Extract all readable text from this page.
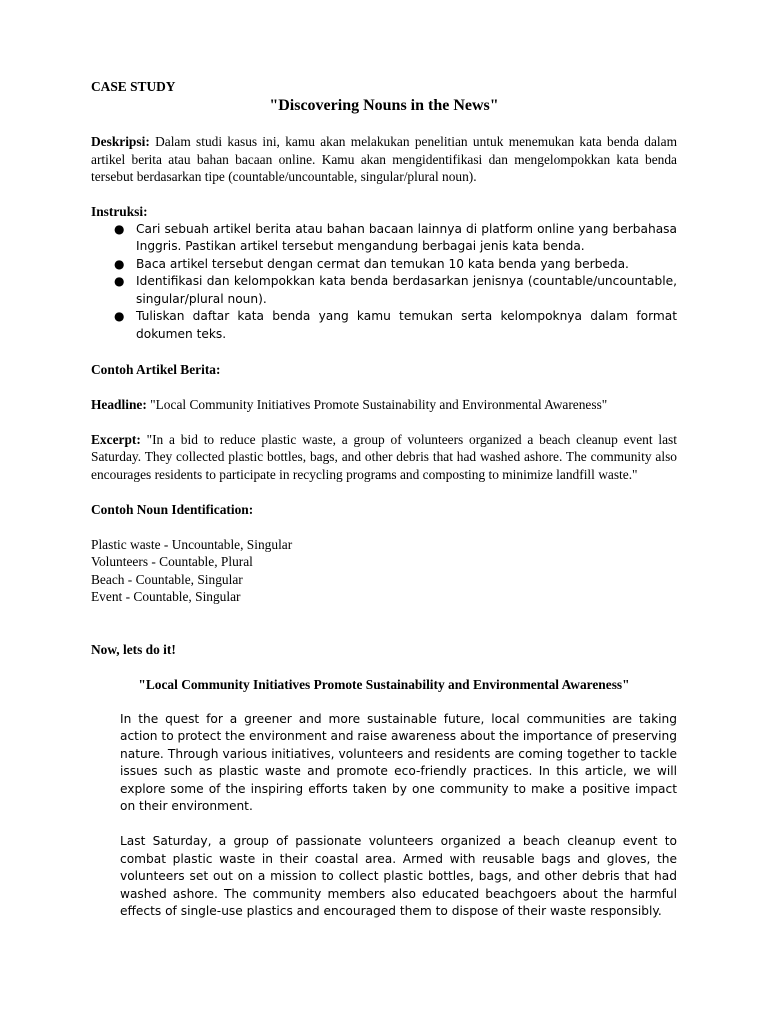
CASE STUDY

"Discovering Nouns in the News"

Deskripsi: Dalam studi kasus ini, kamu akan melakukan penelitian untuk menemukan kata benda dalam artikel berita atau bahan bacaan online. Kamu akan mengidentifikasi dan mengelompokkan kata benda tersebut berdasarkan tipe (countable/uncountable, singular/plural noun).

Instruksi:

● Cari sebuah artikel berita atau bahan bacaan lainnya di platform online yang berbahasa Inggris. Pastikan artikel tersebut mengandung berbagai jenis kata benda.
● Baca artikel tersebut dengan cermat dan temukan 10 kata benda yang berbeda.
● Identifikasi dan kelompokkan kata benda berdasarkan jenisnya (countable/uncountable, singular/plural noun).
● Tuliskan daftar kata benda yang kamu temukan serta kelompoknya dalam format dokumen teks.

Contoh Artikel Berita:

Headline: "Local Community Initiatives Promote Sustainability and Environmental Awareness"

Excerpt: "In a bid to reduce plastic waste, a group of volunteers organized a beach cleanup event last Saturday. They collected plastic bottles, bags, and other debris that had washed ashore. The community also encourages residents to participate in recycling programs and composting to minimize landfill waste."

Contoh Noun Identification:

Plastic waste - Uncountable, Singular

Volunteers - Countable, Plural

Beach - Countable, Singular

Event - Countable, Singular

Now, lets do it!

"Local Community Initiatives Promote Sustainability and Environmental Awareness"

In the quest for a greener and more sustainable future, local communities are taking action to protect the environment and raise awareness about the importance of preserving nature. Through various initiatives, volunteers and residents are coming together to tackle issues such as plastic waste and promote eco-friendly practices. In this article, we will explore some of the inspiring efforts taken by one community to make a positive impact on their environment.

Last Saturday, a group of passionate volunteers organized a beach cleanup event to combat plastic waste in their coastal area. Armed with reusable bags and gloves, the volunteers set out on a mission to collect plastic bottles, bags, and other debris that had washed ashore. The community members also educated beachgoers about the harmful effects of single-use plastics and encouraged them to dispose of their waste responsibly.
